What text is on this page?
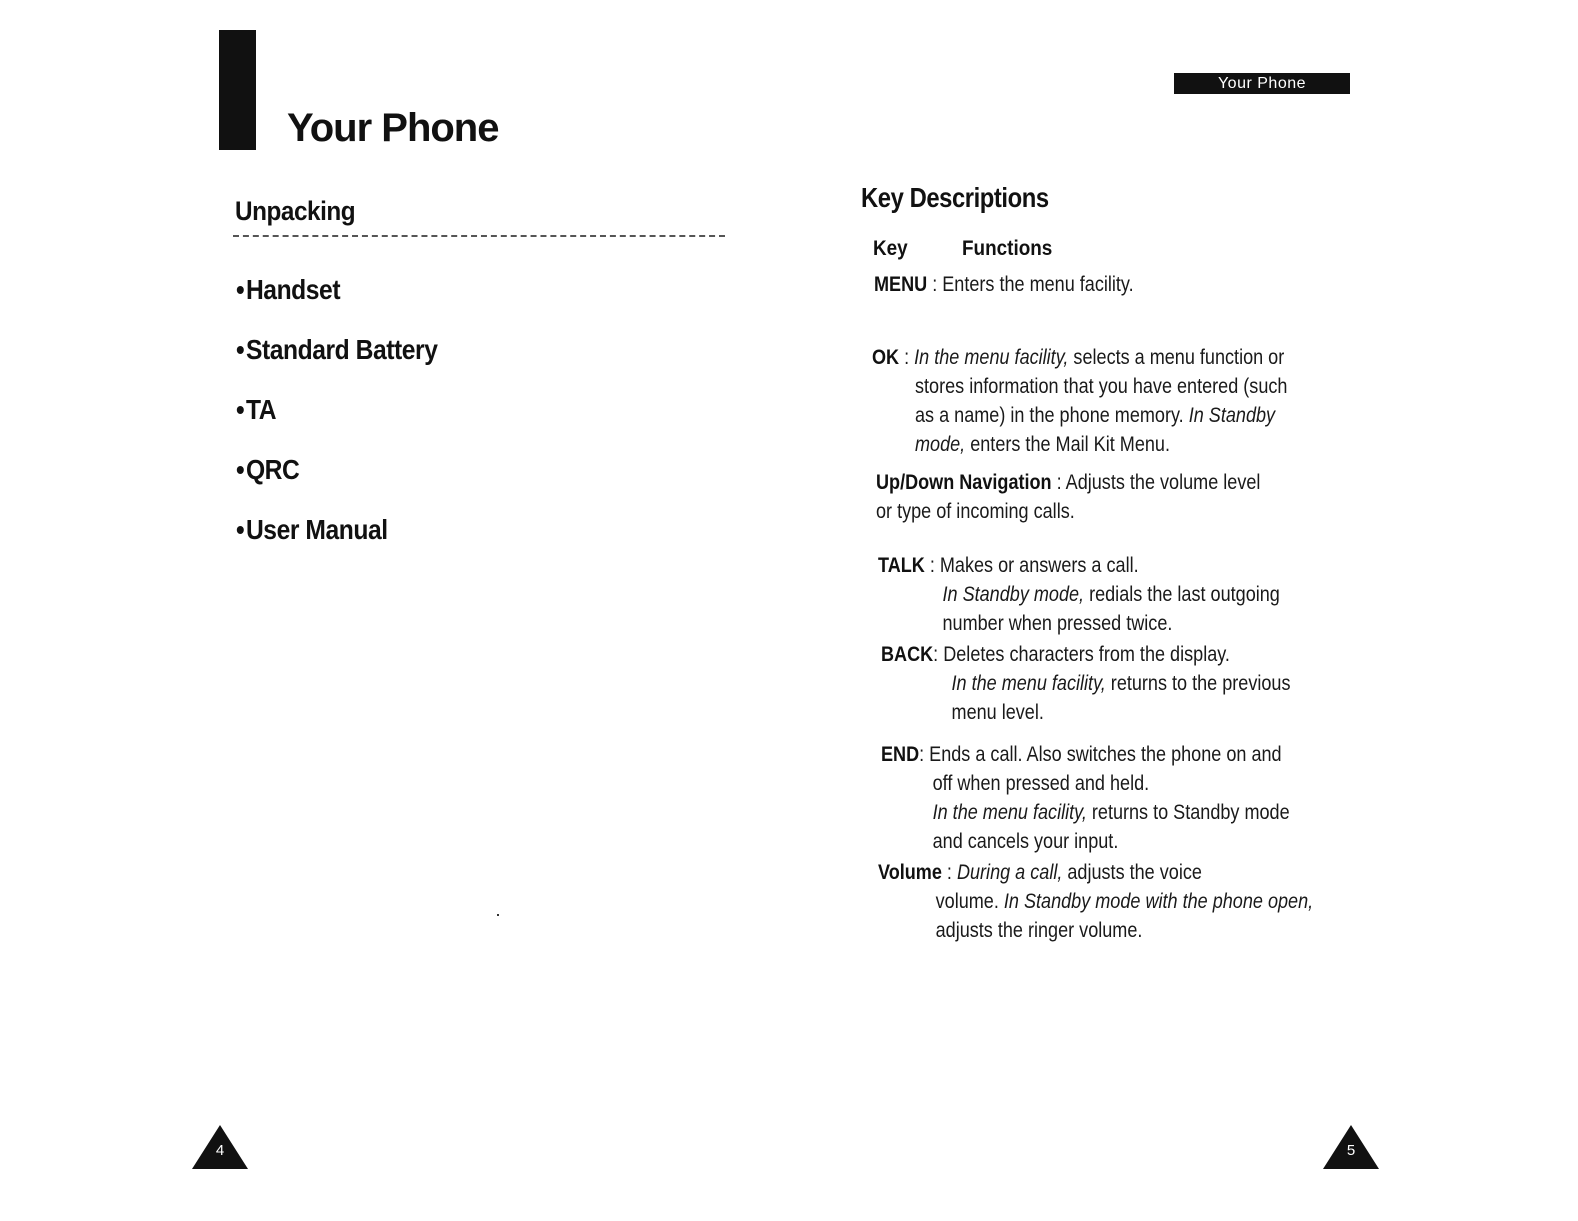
Your Phone
Unpacking
•Handset
•Standard Battery
•TA
•QRC
•User Manual
4
Your Phone
Key Descriptions
Key	Functions
MENU : Enters the menu facility.
OK : In the menu facility, selects a menu function or
stores information that you have entered (such
as a name) in the phone memory. In Standby
mode, enters the Mail Kit Menu.
Up/Down Navigation : Adjusts the volume level
or type of incoming calls.
TALK : Makes or answers a call.
In Standby mode, redials the last outgoing
number when pressed twice.
BACK: Deletes characters from the display.
In the menu facility, returns to the previous
menu level.
END: Ends a call. Also switches the phone on and
off when pressed and held.
In the menu facility, returns to Standby mode
and cancels your input.
Volume : During a call, adjusts the voice
volume. In Standby mode with the phone open,
adjusts the ringer volume.
5
